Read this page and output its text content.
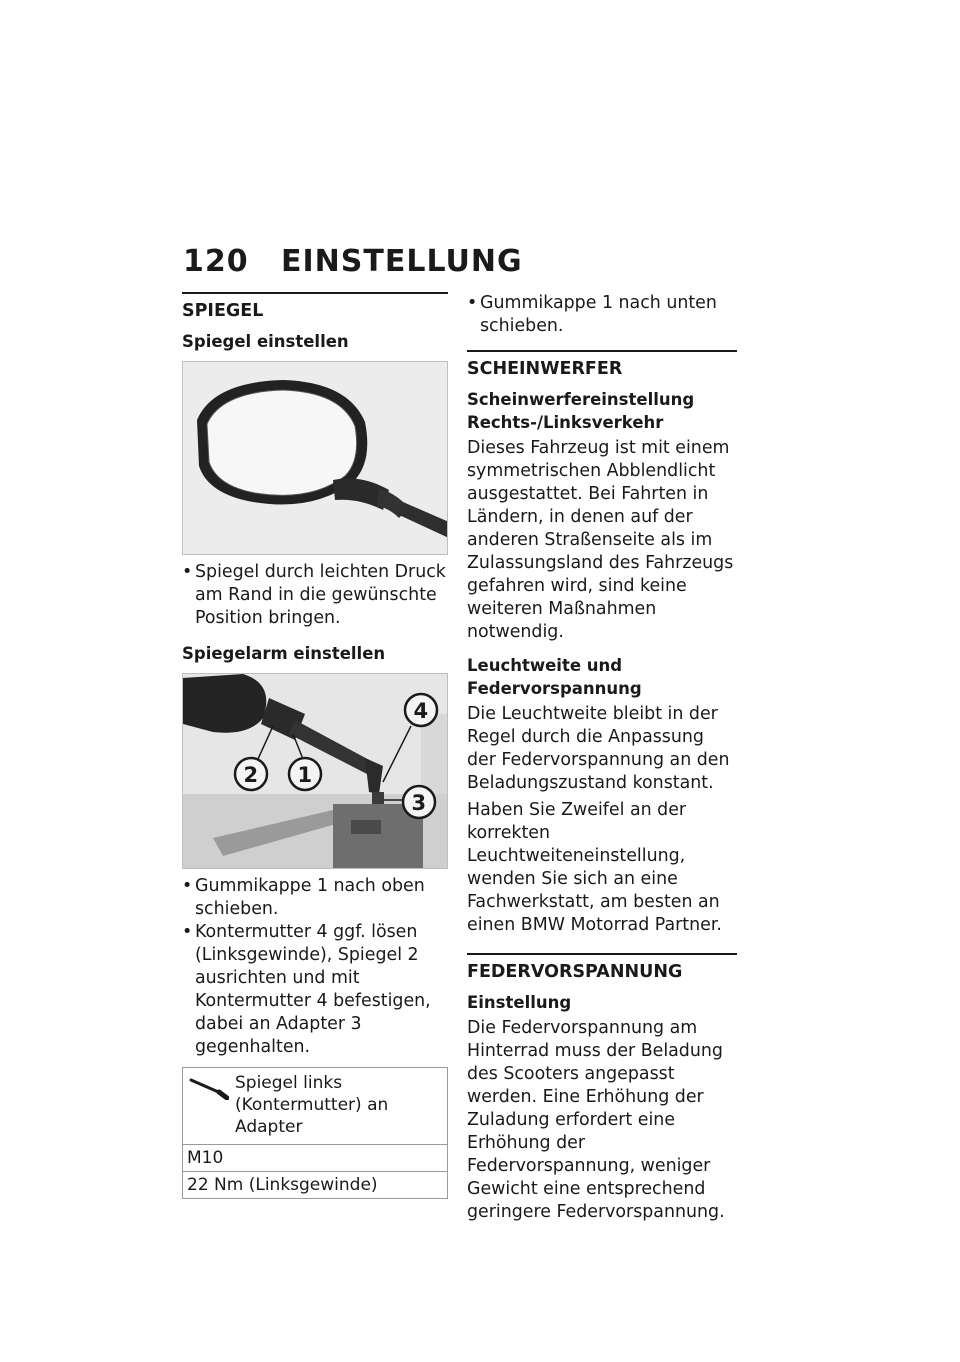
120 EINSTELLUNG
SPIEGEL
Spiegel einstellen
• Spiegel durch leichten Druck am Rand in die gewünschte Position bringen.
Spiegelarm einstellen
4
2 1
3
• Gummikappe 1 nach oben schieben.
• Kontermutter 4 ggf. lösen (Linksgewinde), Spiegel 2 ausrichten und mit Kontermutter 4 befestigen, dabei an Adapter 3 gegenhalten.
Spiegel links (Kontermutter) an Adapter
M10
22 Nm (Linksgewinde)
• Gummikappe 1 nach unten schieben.
SCHEINWERFER
Scheinwerfereinstellung Rechts-/Linksverkehr

Dieses Fahrzeug ist mit einem symmetrischen Abblendlicht ausgestattet. Bei Fahrten in Ländern, in denen auf der anderen Straßenseite als im Zulassungsland des Fahrzeugs gefahren wird, sind keine weiteren Maßnahmen notwendig.

Leuchtweite und Federvorspannung

Die Leuchtweite bleibt in der Regel durch die Anpassung der Federvorspannung an den Beladungszustand konstant.

Haben Sie Zweifel an der korrekten Leuchtweiteneinstellung, wenden Sie sich an eine Fachwerkstatt, am besten an einen BMW Motorrad Partner.

FEDERVORSPANNUNG
Einstellung

Die Federvorspannung am Hinterrad muss der Beladung des Scooters angepasst werden. Eine Erhöhung der Zuladung erfordert eine Erhöhung der Federvorspannung, weniger Gewicht eine entsprechend geringere Federvorspannung.
